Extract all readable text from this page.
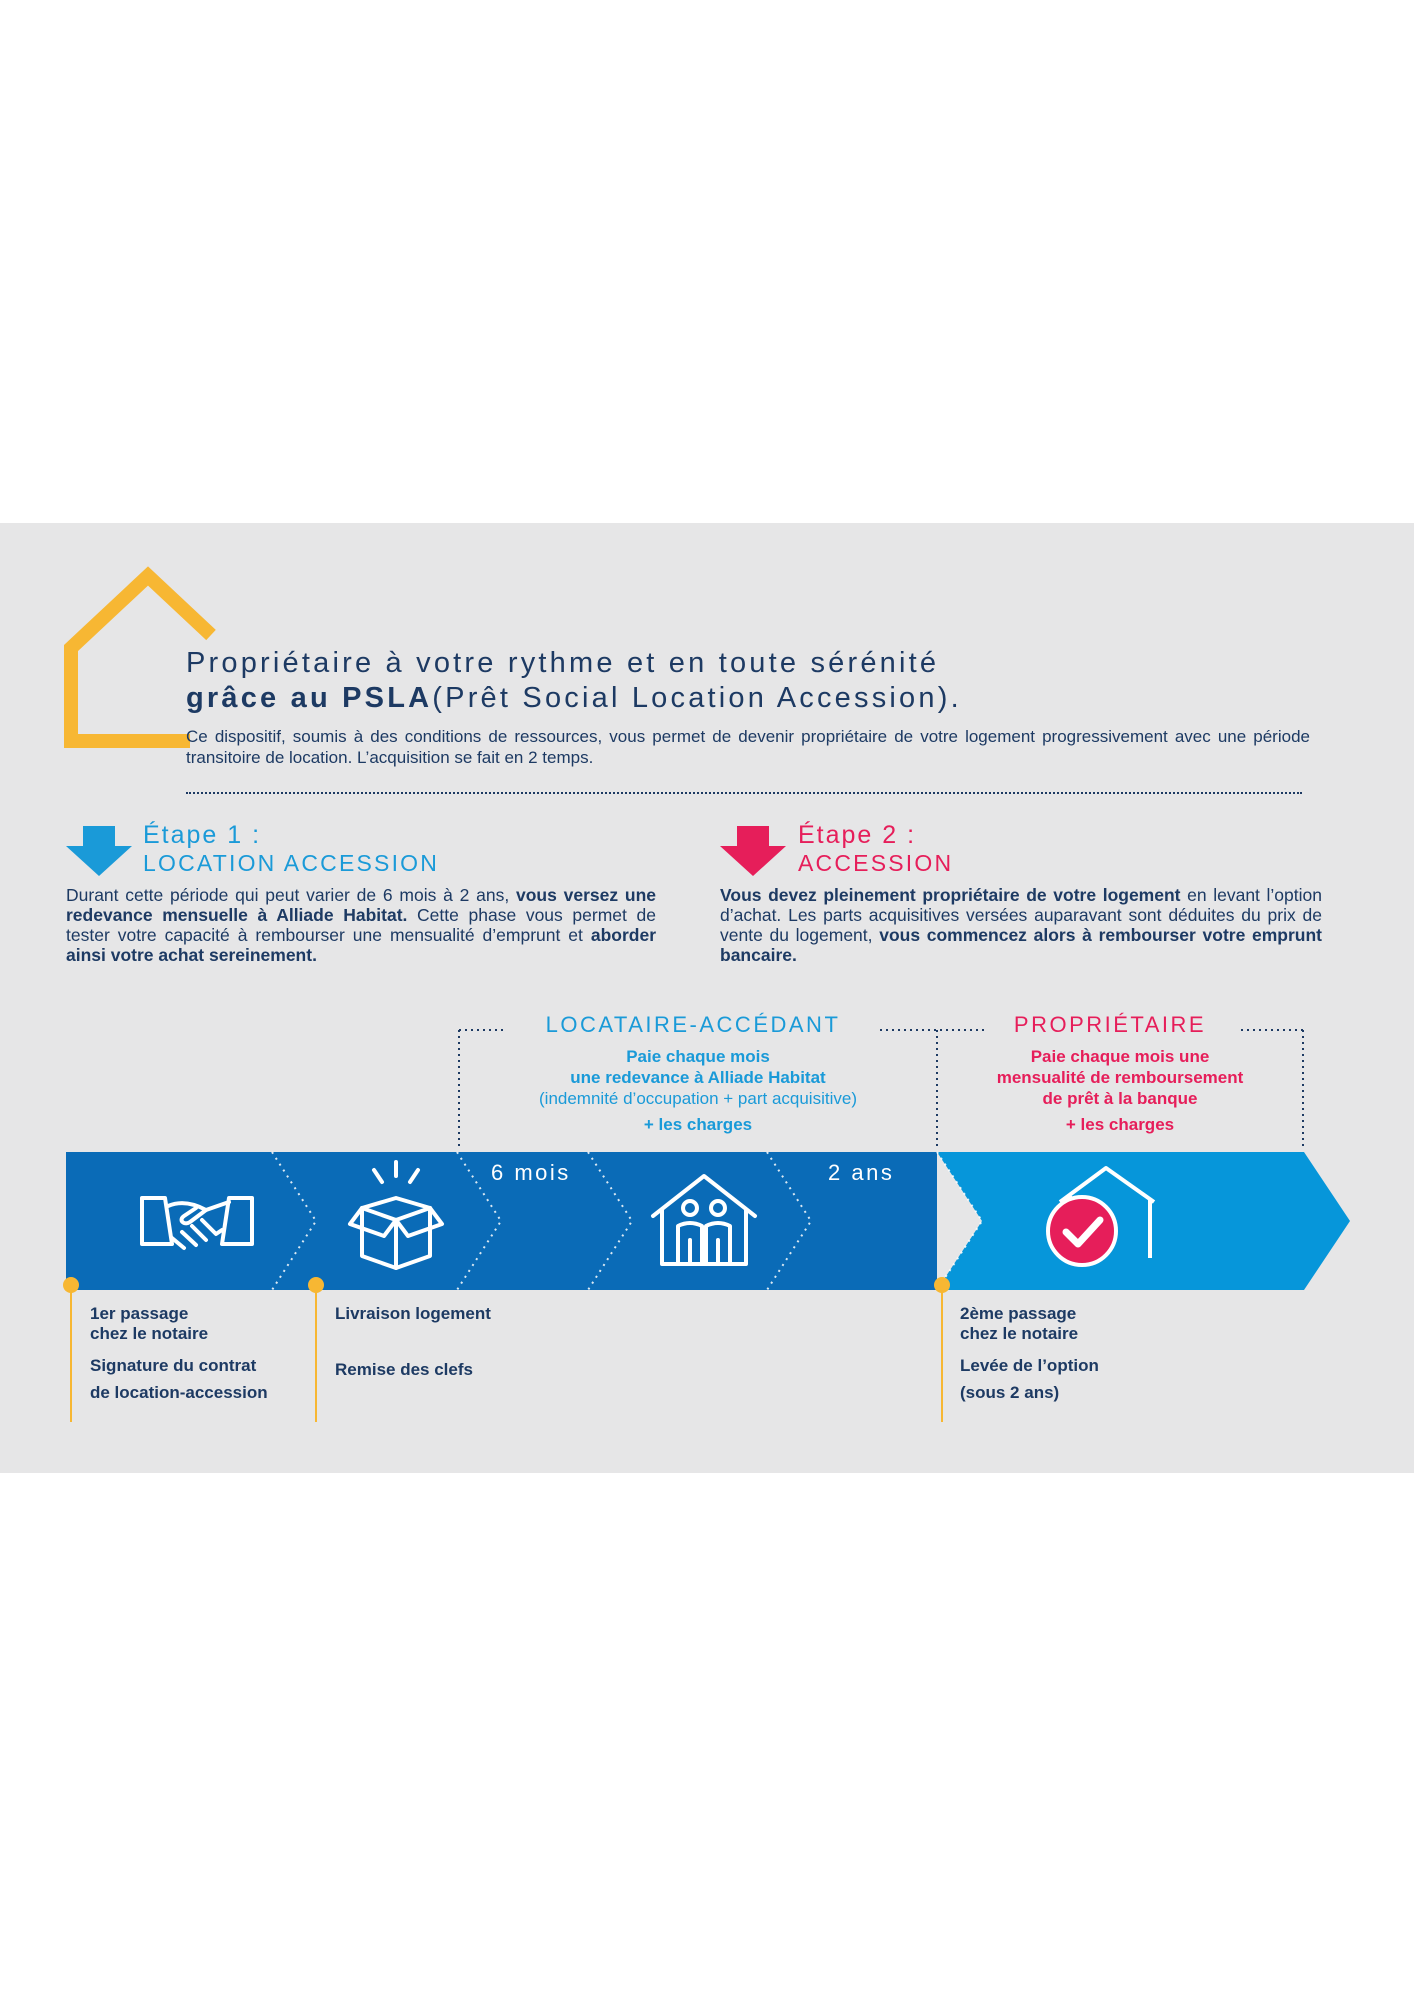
Propriétaire à votre rythme et en toute sérénité
grâce au PSLA(Prêt Social Location Accession).
Ce dispositif, soumis à des conditions de ressources, vous permet de devenir propriétaire de votre logement progressivement avec une période transitoire de location. L’acquisition se fait en 2 temps.
Étape 1 :
LOCATION ACCESSION
Durant cette période qui peut varier de 6 mois à 2 ans, vous versez une redevance mensuelle à Alliade Habitat. Cette phase vous permet de tester votre capacité à rembourser une mensualité d’emprunt et aborder ainsi votre achat sereinement.
Étape 2 :
ACCESSION
Vous devez pleinement propriétaire de votre logement en levant l’option d’achat. Les parts acquisitives versées auparavant sont déduites du prix de vente du logement, vous commencez alors à rembourser votre emprunt bancaire.
LOCATAIRE-ACCÉDANT
Paie chaque mois
une redevance à Alliade Habitat
(indemnité d’occupation + part acquisitive)
+ les charges
PROPRIÉTAIRE
Paie chaque mois une
mensualité de remboursement
de prêt à la banque
+ les charges
6 mois	2 ans
1er passage
chez le notaire
Signature du contrat
de location-accession
Livraison logement
Remise des clefs
2ème passage
chez le notaire
Levée de l’option
(sous 2 ans)
